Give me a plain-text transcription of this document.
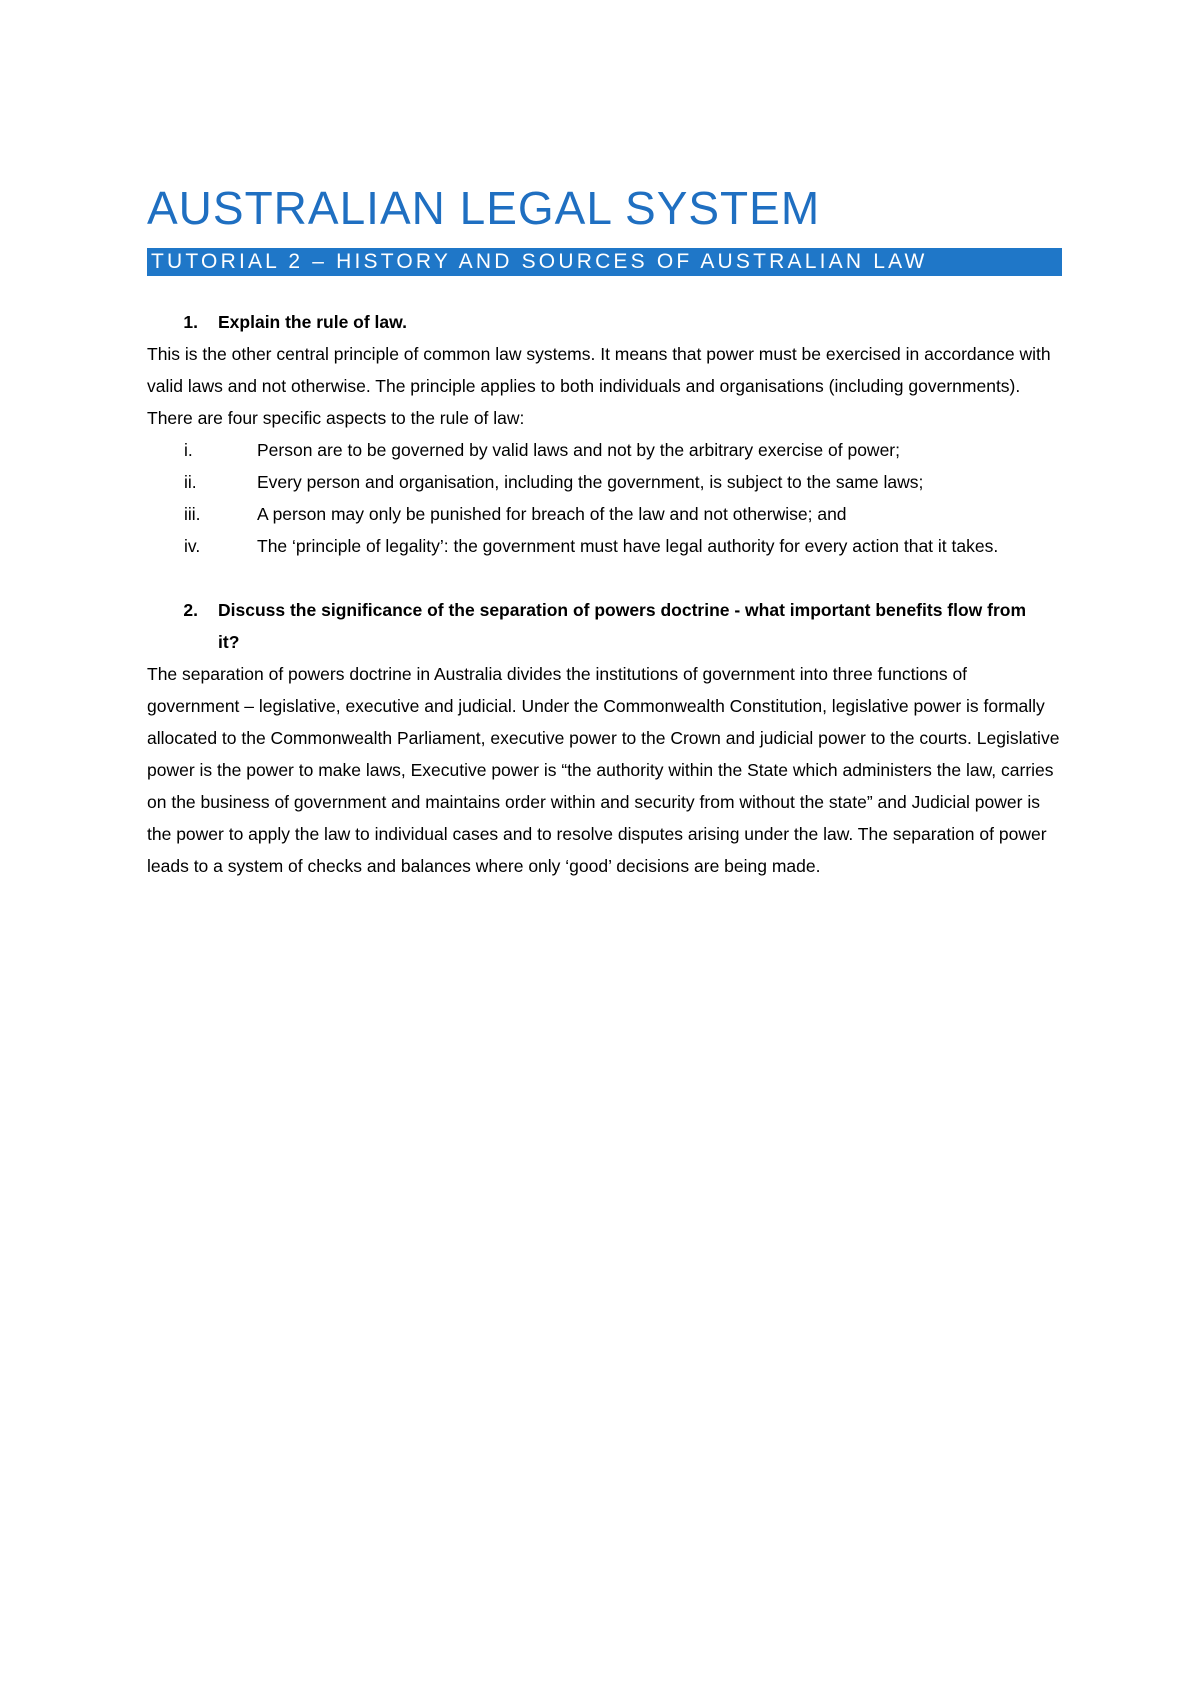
AUSTRALIAN LEGAL SYSTEM
TUTORIAL 2 – HISTORY AND SOURCES OF AUSTRALIAN LAW
1.	Explain the rule of law.

This is the other central principle of common law systems. It means that power must be exercised in accordance with valid laws and not otherwise. The principle applies to both individuals and organisations (including governments).

There are four specific aspects to the rule of law:

i.	Person are to be governed by valid laws and not by the arbitrary exercise of power;
ii.	Every person and organisation, including the government, is subject to the same laws;
iii.	A person may only be punished for breach of the law and not otherwise; and
iv.	The ‘principle of legality’: the government must have legal authority for every action that it takes.
2.	Discuss the significance of the separation of powers doctrine - what important benefits flow from it?

The separation of powers doctrine in Australia divides the institutions of government into three functions of government – legislative, executive and judicial. Under the Commonwealth Constitution, legislative power is formally allocated to the Commonwealth Parliament, executive power to the Crown and judicial power to the courts. Legislative power is the power to make laws, Executive power is “the authority within the State which administers the law, carries on the business of government and maintains order within and security from without the state” and Judicial power is the power to apply the law to individual cases and to resolve disputes arising under the law. The separation of power leads to a system of checks and balances where only ‘good’ decisions are being made.
